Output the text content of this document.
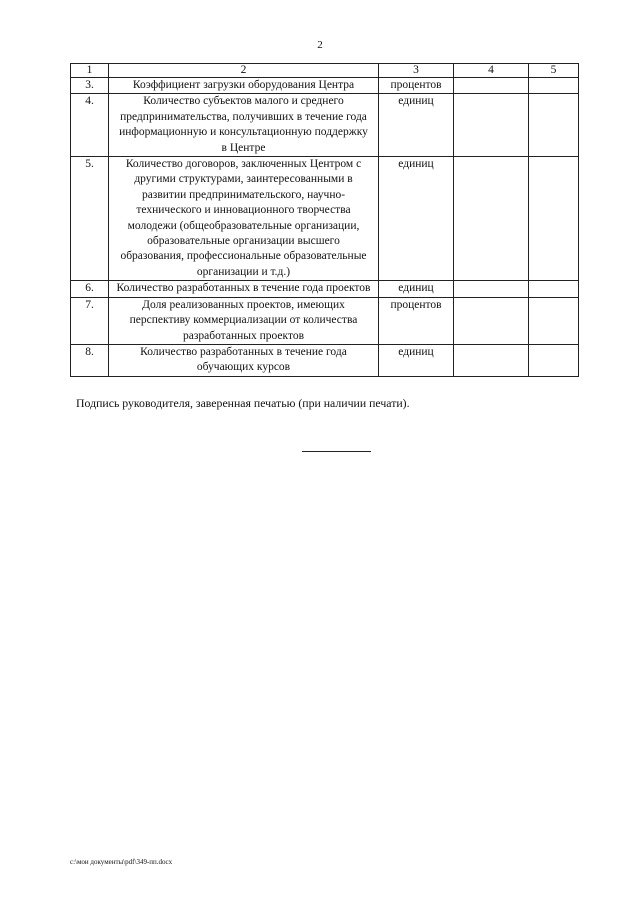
2
1	2	3	4	5
3.	Коэффициент загрузки оборудования Центра	процентов		
4.	Количество субъектов малого и среднего предпринимательства, получивших в течение года информационную и консультационную поддержку в Центре	единиц		
5.	Количество договоров, заключенных Центром с другими структурами, заинтересованными в развитии предпринимательского, научно-технического и инновационного творчества молодежи (общеобразовательные организации, образовательные организации высшего образования, профессиональные образовательные организации и т.д.)	единиц		
6.	Количество разработанных в течение года проектов	единиц		
7.	Доля реализованных проектов, имеющих перспективу коммерциализации от количества разработанных проектов	процентов		
8.	Количество разработанных в течение года обучающих курсов	единиц		
Подпись руководителя, заверенная печатью (при наличии печати).
c:\мои документы\pdf\349-пп.docx
